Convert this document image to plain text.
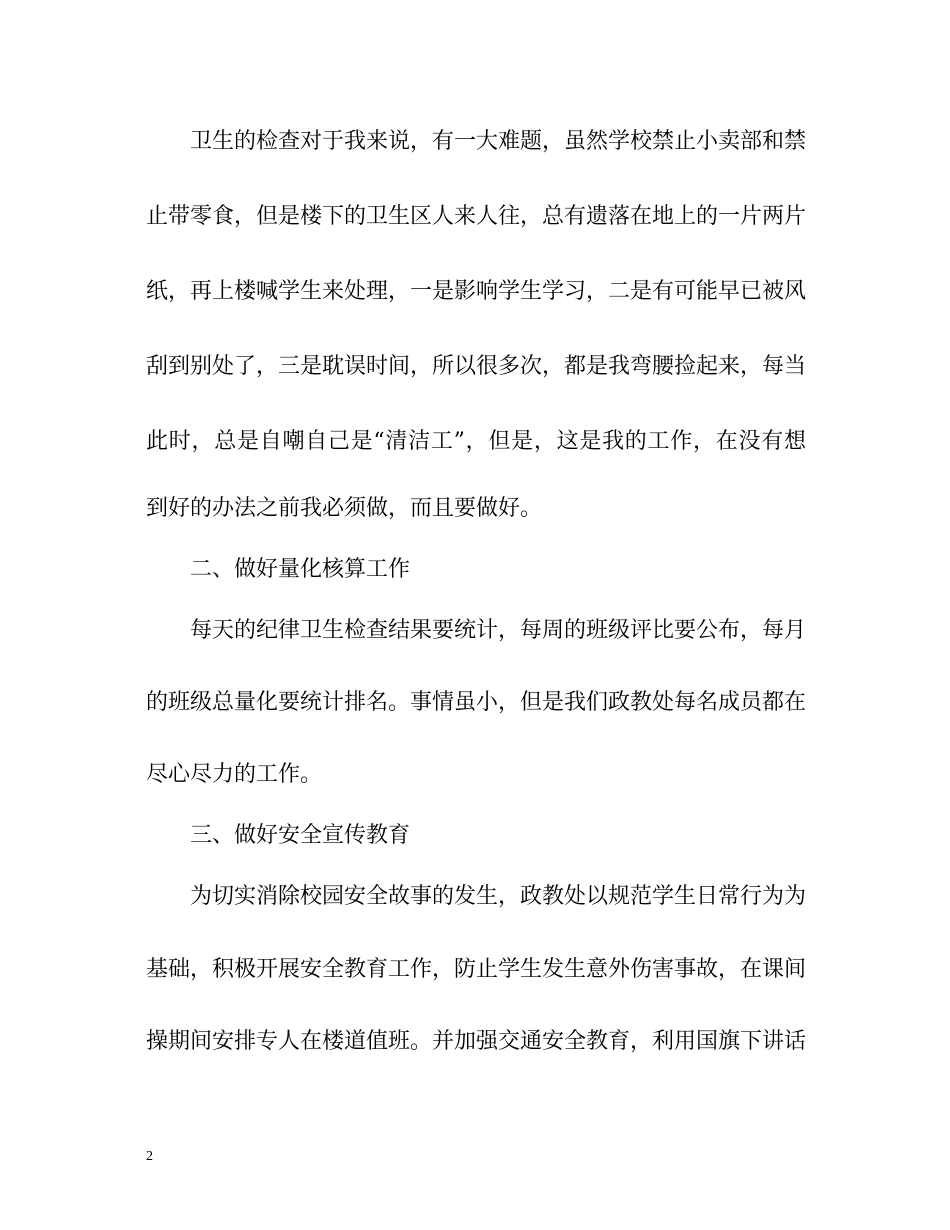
卫生的检查对于我来说，有一大难题，虽然学校禁止小卖部和禁
止带零食，但是楼下的卫生区人来人往，总有遗落在地上的一片两片
纸，再上楼喊学生来处理，一是影响学生学习，二是有可能早已被风
刮到别处了，三是耽误时间，所以很多次，都是我弯腰捡起来，每当
此时，总是自嘲自己是“清洁工”，但是，这是我的工作，在没有想
到好的办法之前我必须做，而且要做好。
二、做好量化核算工作
每天的纪律卫生检查结果要统计，每周的班级评比要公布，每月
的班级总量化要统计排名。事情虽小，但是我们政教处每名成员都在
尽心尽力的工作。
三、做好安全宣传教育
为切实消除校园安全故事的发生，政教处以规范学生日常行为为
基础，积极开展安全教育工作，防止学生发生意外伤害事故，在课间
操期间安排专人在楼道值班。并加强交通安全教育，利用国旗下讲话
2
